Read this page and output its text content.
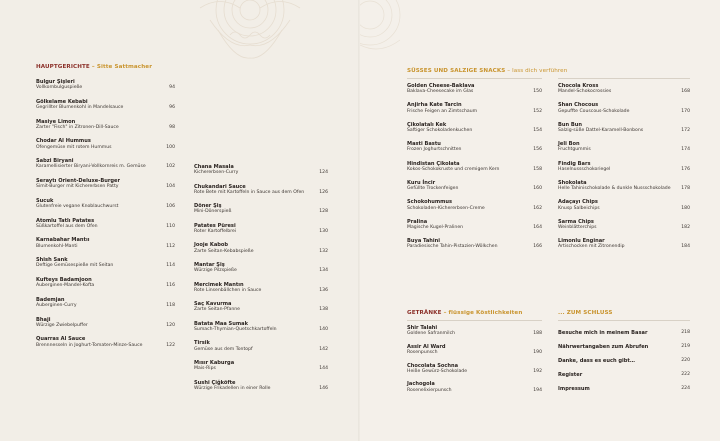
HAUPTGERICHTE – Sitte Sattmacher
Bulgur Şişleri
Vollkornbulguspieße	94
Gölkelame Kebabi
Gegrillter Blumenkohl in Mandelsauce	96
Masiye Limon
Zarter "Fisch" in Zitronen-Dill-Sauce	98
Chodar Al Hummus
Ofengemüse mit rotem Hummus	100
Sabzi Biryani
Karamellisierter Biryani-Vollkornreis m. Gemüse	102
Seraytı Orient-Deluxe-Burger
Simit-Burger mit Kichererbsen Patty	104
Sucuk
Glutenfreie vegane Knoblauchwurst	106
Atomlu Tatlı Patates
Süßkartoffel aus dem Ofen	110
Karnabahar Mantıı
Blumenkohl-Manti	112
Shish Sank
Deftige Gemüsespieße mit Seitan	114
Kufteys Badamjoon
Auberginen-Mandel-Kofta	116
Bademjan
Auberginen-Curry	118
Bhaji
Würzige Zwiebelpuffer	120
Quarras Al Sauce
Brennnesseln in Joghurt-Tomaten-Minze-Sauce	122
Chana Masala
Kichererbsen-Curry	124
Chukandari Sauce
Rote Bete mit Kartoffeln in Sauce aus dem Ofen	126
Döner Şiş
Mini-Dönerspieß	128
Patates Püresi
Roter Kartoffelbrei	130
Jooje Kabob
Zarte Seitan-Kebabspieße	132
Mantar Şiş
Würzige Pilzspieße	134
Mercimek Mantın
Rote Linsenbällchen in Sauce	136
Saç Kavurma
Zarte Seitan-Pfanne	138
Batata Maa Sumak
Sumach-Thymian-Quetschkartoffeln	140
Tirsik
Gemüse aus dem Tontopf	142
Mısır Kaburga
Mais-Rips	144
Sushi Çiğköfte
Würzige Frikadellen in einer Rolle	146
SÜSSES UND SALZIGE SNACKS – lass dich verführen
Golden Cheese-Baklava
Baklava-Cheesecake im Glas	150
Anjirha Kate Tarcin
Frische Feigen an Zimtschaum	152
Çikolatalı Kek
Saftiger Schokoladenkuchen	154
Masti Bastu
Frozen Joghurtschnitten	156
Hindistan Çikolata
Kokos-Schokokruste und cremigem Kern	158
Kuru İncir
Gefüllte Trockenfeigen	160
Schokohummus
Schokoladen-Kichererbsen-Creme	162
Pralina
Magische Kugel-Pralinen	164
Buya Tahini
Paradiesische Tahin-Pistazien-Wölkchen	166
Chocola Kross
Mandel-Schokocrossies	168
Shan Chocous
Gepuffte Couscous-Schokolade	170
Bun Bun
Salzig-süße Dattel-Karamell-Bonbons	172
Jeli Bon
Fruchtgummis	174
Findig Bars
Haselnussschokoriegel	176
Shokolata
Helle Tahinischokolade & dunkle Nussschokolade 178
Adaçayı Chips
Knusp Salbeichips	180
Sarma Chips
Weinblätterchips	182
Limonlu Enginar
Artischocken mit Zitronendip	184
GETRÄNKE – flüssige Köstlichkeiten
Shir Talahi
Goldene Safranmilch	188
Assir Al Ward
Rosenpunsch	190
Chocolata Sochna
Heiße Gewürz-Schokolade	192
Jachogola
Rosenelixierpunsch	194
... ZUM SCHLUSS
Besuche mich in meinem Basar	218
Nährwertangaben zum Abrufen	219
Danke, dass es euch gibt…	220
Register	222
Impressum	224
